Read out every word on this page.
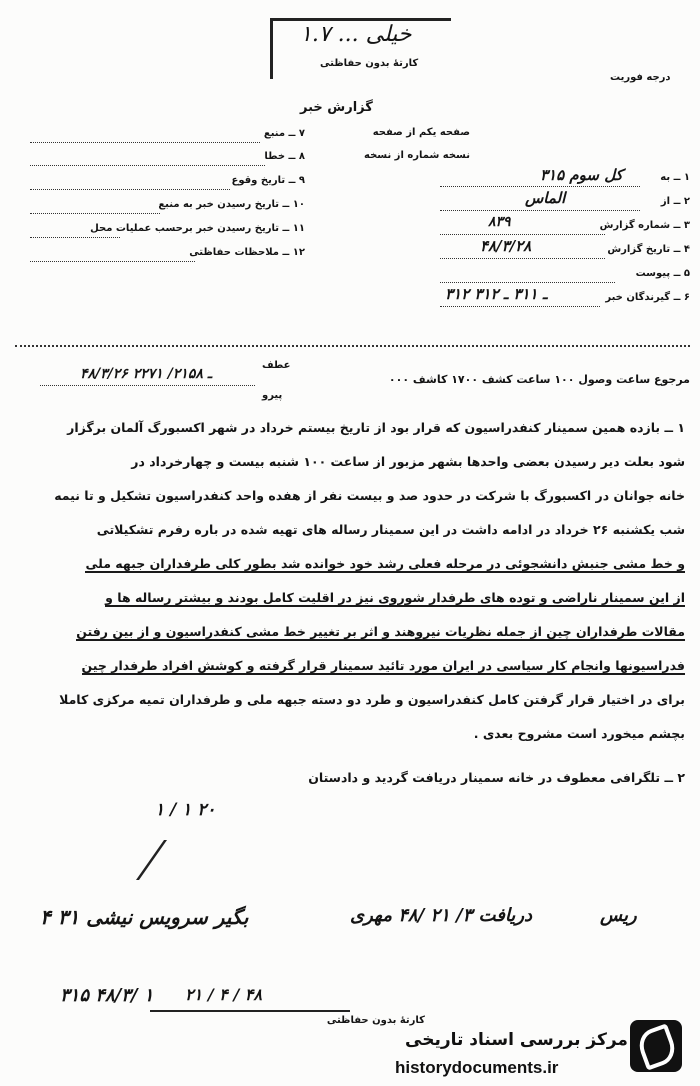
خیلی ... ۱.۷
کارتهٔ بدون حفاظتی
درجه فوریت
گزارش خبر
صفحه یکم از صفحه
نسخه شماره از نسخه
۱ ــ به
کل سوم ۳۱۵
۲ ــ از
الماس
۳ ــ شماره گزارش
۸۳۹
۴ ــ تاریخ گزارش
۴۸/۳/۲۸
۵ ــ پیوست
۶ ــ گیرندگان خبر
۳۱۲ ـ ۳۱۱ ـ ۳۱۲
۷ ــ منبع
۸ ــ خطا
۹ ــ تاریخ وقوع
۱۰ ــ تاریخ رسیدن خبر به منبع
۱۱ ــ تاریخ رسیدن خبر برحسب عملیات محل
۱۲ ــ ملاحظات حفاظتی
مرجوع ساعت وصول ۱۰۰ ساعت کشف ۱۷۰۰ کاشف ۰۰۰
عطف
پیرو
۴۸/۳/۲۶ ـ ۲۱۵۸/ ۲۲۷۱
۱ ــ بازده همین سمینار کنفدراسیون که قرار بود از تاریخ بیستم خرداد در شهر اکسبورگ آلمان برگزار
شود بعلت دیر رسیدن بعضی واحدها بشهر مزبور از ساعت ۱۰۰ شنبه بیست و چهارخرداد در
خانه جوانان در اکسبورگ با شرکت در حدود صد و بیست نفر از هفده واحد کنفدراسیون تشکیل و تا نیمه
شب یکشنبه ۲۶ خرداد در ادامه داشت در این سمینار رساله های تهیه شده در باره رفرم تشکیلاتی
و خط مشی جنبش دانشجوئی در مرحله فعلی رشد خود خوانده شد بطور کلی طرفداران جبهه ملی
از این سمینار ناراضی و توده های طرفدار شوروی نیز در اقلیت کامل بودند و بیشتر رساله ها و
مقالات طرفداران چین از جمله نظریات نیروهند و اثر بر تغییر خط مشی کنفدراسیون و از بین رفتن
فدراسیونها وانجام کار سیاسی در ایران مورد تائید سمینار قرار گرفته و کوشش افراد طرفدار چین
برای در اختیار قرار گرفتن کامل کنفدراسیون و طرد دو دسته جبهه ملی و طرفداران تمیه مرکزی کاملا
بچشم میخورد است مشروح بعدی .
۲ ــ تلگرافی معطوف در خانه سمینار دریافت گردید و دادستان
۱ / ۱ ۲۰
بگیر سرویس نیشی ۳۱ ۴	دریافت ۳/ ۲۱ /۴۸ مهری	ریس
۳۱۵ ۴۸/۳/ ۱ ۲۱ / ۴ / ۴۸
کارتهٔ بدون حفاظتی
مرکز بررسی اسناد تاریخی
historydocuments.ir
